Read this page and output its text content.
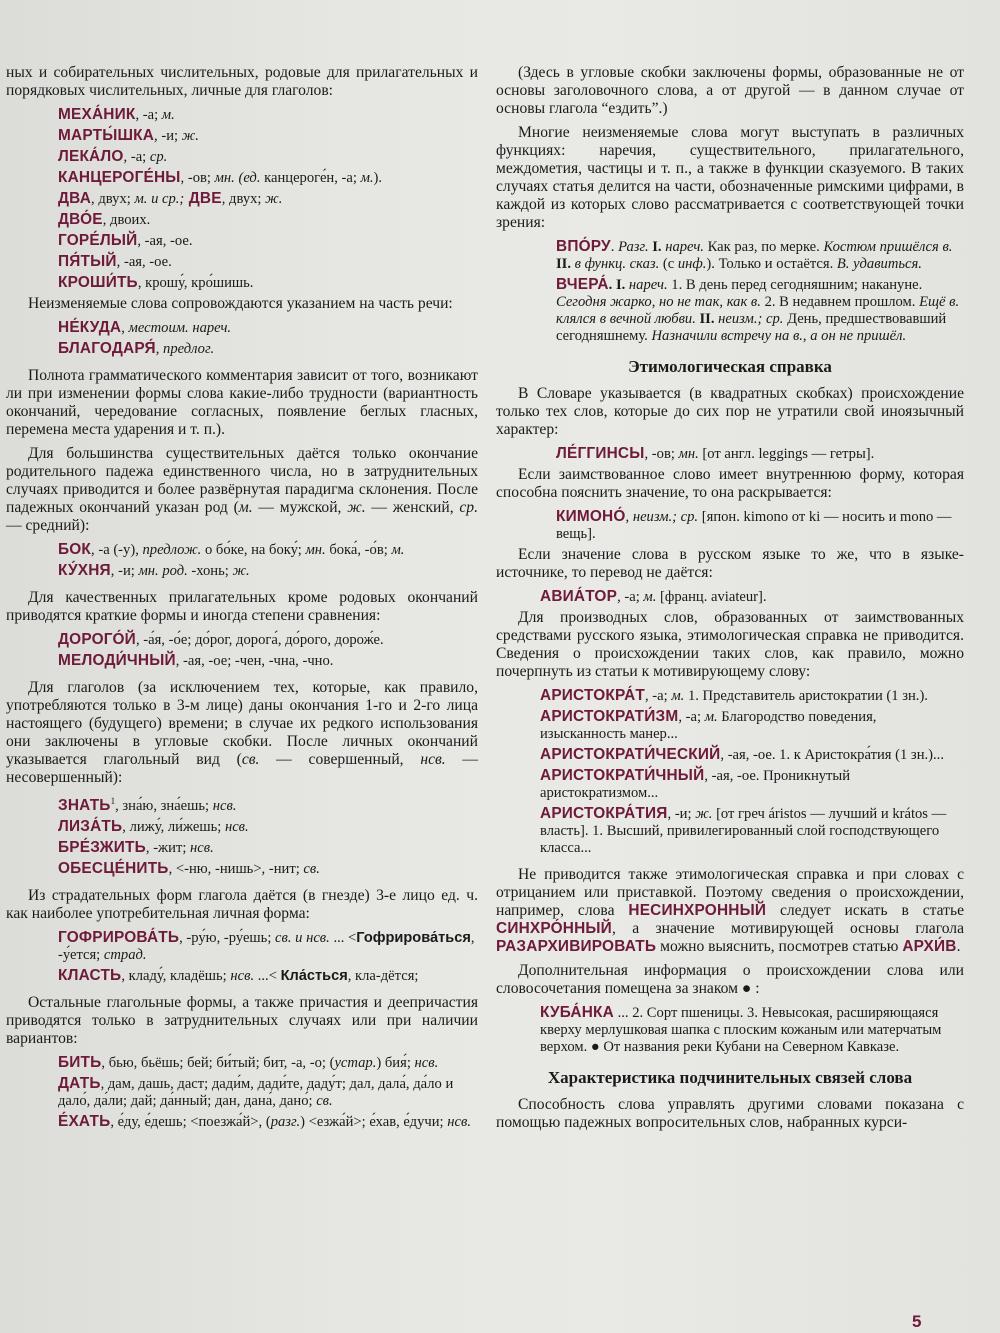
ных и собирательных числительных, родовые для прилагательных и порядковых числительных, личные для глаголов:

МЕХА́НИК, -а; м.
МАРТЫ́ШКА, -и; ж.
ЛЕКА́ЛО, -а; ср.
КАНЦЕРОГЕ́НЫ, -ов; мн. (ед. канцероге́н, -а; м.).
ДВА, двух; м. и ср.; ДВЕ, двух; ж.
ДВО́Е, двоих.
ГОРЕ́ЛЫЙ, -ая, -ое.
ПЯ́ТЫЙ, -ая, -ое.
КРОШИ́ТЬ, крошу́, кро́шишь.

Неизменяемые слова сопровождаются указанием на часть речи:

НЕ́КУДА, местоим. нареч.
БЛАГОДАРЯ́, предлог.

Полнота грамматического комментария зависит от того, возникают ли при изменении формы слова какие-либо трудности (вариантность окончаний, чередование согласных, появление беглых гласных, перемена места ударения и т. п.).

Для большинства существительных даётся только окончание родительного падежа единственного числа, но в затруднительных случаях приводится и более развёрнутая парадигма склонения. После падежных окончаний указан род (м. — мужской, ж. — женский, ср. — средний):

БОК, -а (-у), предлож. о бо́ке, на боку́; мн. бока́, -о́в; м.
КУ́ХНЯ, -и; мн. род. -хонь; ж.

Для качественных прилагательных кроме родовых окончаний приводятся краткие формы и иногда степени сравнения:

ДОРОГО́Й, -а́я, -о́е; до́рог, дорога́, до́рого, дорож́е.
МЕЛОДИ́ЧНЫЙ, -ая, -ое; -чен, -чна, -чно.

Для глаголов (за исключением тех, которые, как правило, употребляются только в 3-м лице) даны окончания 1-го и 2-го лица настоящего (будущего) времени; в случае их редкого использования они заключены в угловые скобки. После личных окончаний указывается глагольный вид (св. — совершенный, нсв. — несовершенный):

ЗНАТЬ$^1$, зна́ю, зна́ешь; нсв.
ЛИЗА́ТЬ, лижу́, ли́жешь; нсв.
БРЕ́ЗЖИТЬ, -жит; нсв.
ОБЕСЦЕ́НИТЬ, <-ню, -нишь>, -нит; св.

Из страдательных форм глагола даётся (в гнезде) 3-е лицо ед. ч. как наиболее употребительная личная форма:

ГОФРИРОВА́ТЬ, -ру́ю, -ру́ешь; св. и нсв. ... <Гофрирова́ться, -у́ется; страд.
КЛАСТЬ, кладу́, кладёшь; нсв. ...< Кла́стьcя, кла-дётся;

Остальные глагольные формы, а также причастия и деепричастия приводятся только в затруднительных случаях или при наличии вариантов:

БИТЬ, бью, бьёшь; бей; би́тый; бит, -а, -о; (устар.) бия́; нсв.
ДАТЬ, дам, дашь, даст; дади́м, дади́те, даду́т; дал, дала́, да́ло и дало́, да́ли; дай; да́нный; дан, дана́, дано́; св.
Е́ХАТЬ, е́ду, е́дешь; <поезжа́й>, (разг.) <езжа́й>; е́хав, е́дучи; нсв.

(Здесь в угловые скобки заключены формы, образованные не от основы заголовочного слова, а от другой — в данном случае от основы глагола “ездить”.)

Многие неизменяемые слова могут выступать в различных функциях: наречия, существительного, прилагательного, междометия, частицы и т. п., а также в функции сказуемого. В таких случаях статья делится на части, обозначенные римскими цифрами, в каждой из которых слово рассматривается с соответствующей точки зрения:

ВПО́РУ. Разг. I. нареч. Как раз, по мерке. Костюм пришёлся в. II. в функц. сказ. (с инф.). Только и остаётся. В. удавиться.
ВЧЕРА́. I. нареч. 1. В день перед сегодняшним; накануне. Сегодня жарко, но не так, как в. 2. В недавнем прошлом. Ещё в. клялся в вечной любви. II. неизм.; ср. День, предшествовавший сегодняшнему. Назначили встречу на в., а он не пришёл.
Этимологическая справка

В Словаре указывается (в квадратных скобках) происхождение только тех слов, которые до сих пор не утратили свой иноязычный характер:

ЛЕ́ГГИНСЫ, -ов; мн. [от англ. leggings — гетры].

Если заимствованное слово имеет внутреннюю форму, которая способна пояснить значение, то она раскрывается:

КИМОНО́, неизм.; ср. [япон. kimono от ki — носить и mono — вещь].

Если значение слова в русском языке то же, что в языке-источнике, то перевод не даётся:

АВИА́ТОР, -а; м. [франц. aviateur].

Для производных слов, образованных от заимствованных средствами русского языка, этимологическая справка не приводится. Сведения о происхождении таких слов, как правило, можно почерпнуть из статьи к мотивирующему слову:

АРИСТОКРА́Т, -а; м. 1. Представитель аристократии (1 зн.).
АРИСТОКРАТИ́ЗМ, -а; м. Благородство поведения, изысканность манер...
АРИСТОКРАТИ́ЧЕСКИЙ, -ая, -ое. 1. к Аристокра́тия (1 зн.)...
АРИСТОКРАТИ́ЧНЫЙ, -ая, -ое. Проникнутый аристократизмом...
АРИСТОКРА́ТИЯ, -и; ж. [от греч áristos — лучший и krátos — власть]. 1. Высший, привилегированный слой господствующего класса...

Не приводится также этимологическая справка и при словах с отрицанием или приставкой. Поэтому сведения о происхождении, например, слова НЕСИНХРОННЫЙ следует искать в статье СИНХРО́ННЫЙ, а значение мотивирующей основы глагола РАЗАРХИВИРОВАТЬ можно выяснить, посмотрев статью АРХИ́В.

Дополнительная информация о происхождении слова или словосочетания помещена за знаком ● :

КУБА́НКА ... 2. Сорт пшеницы. 3. Невысокая, расширяющаяся кверху мерлушковая шапка с плоским кожаным или матерчатым верхом. ● От названия реки Кубани на Северном Кавказе.
Характеристика подчинительных связей слова

Способность слова управлять другими словами показана с помощью падежных вопросительных слов, набранных курси-

5
